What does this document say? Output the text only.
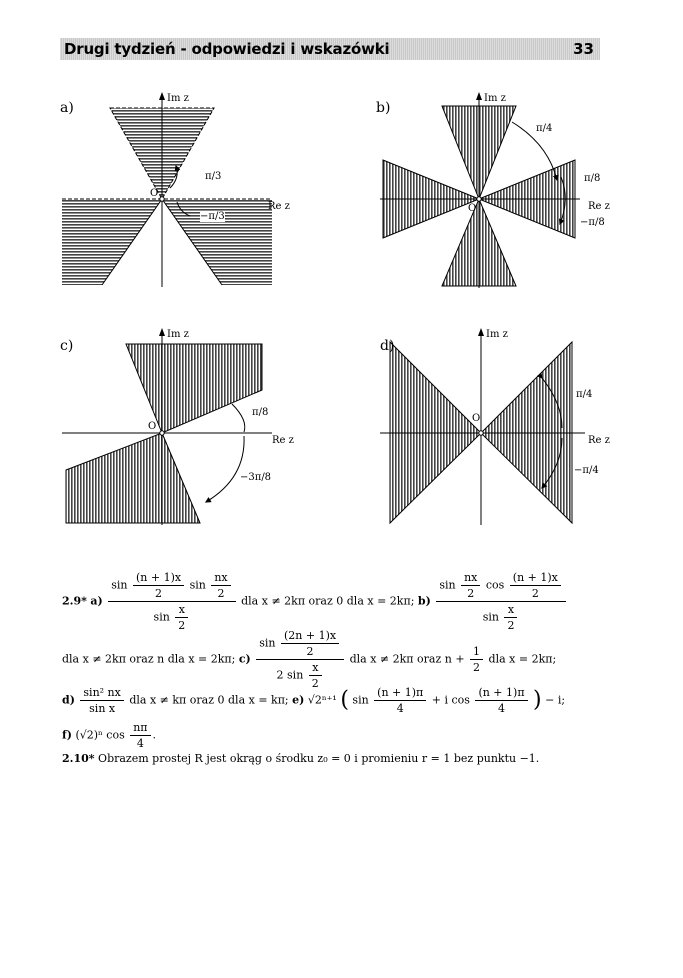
Drugi tydzień - odpowiedzi i wskazówki	33
a)
Im z
Re z
O
π/3
−π/3
b)
Im z
Re z
O
π/4
π/8
−π/8
c)
Im z
Re z
O
π/8
−3π/8
d)
Im z
Re z
O
π/4
−π/4
2.9* $a) \frac{\sin \frac{(n + 1)x}{2} \sin \frac{nx}{2}}{\sin \frac{x}{2}}$ dla x ≠ 2kπ oraz 0 dla x = 2kπ; $b) \frac{\sin \frac{nx}{2} \cos \frac{(n + 1)x}{2}}{\sin \frac{x}{2}}$
dla x ≠ 2kπ oraz n dla x = 2kπ; $c) \frac{\sin \frac{(2n + 1)x}{2}}{2 \sin \frac{x}{2}}$ dla x ≠ 2kπ oraz $n + \frac{1}{2}$ dla x = 2kπ;
$d) \frac{\text{sin² nx}}{\text{sin x}}$ dla x ≠ kπ oraz 0 dla x = kπ; e) √2ⁿ⁺¹ ( $\sin \frac{(n + 1)\pi}{4} + i$ $\cos \frac{(n + 1)\pi}{4}$ ) − i;
f) (√2)ⁿ $\cos \frac{n\pi}{4}$ .
2.10* Obrazem prostej R jest okrąg o środku z₀ = 0 i promieniu r = 1 bez punktu −1.
